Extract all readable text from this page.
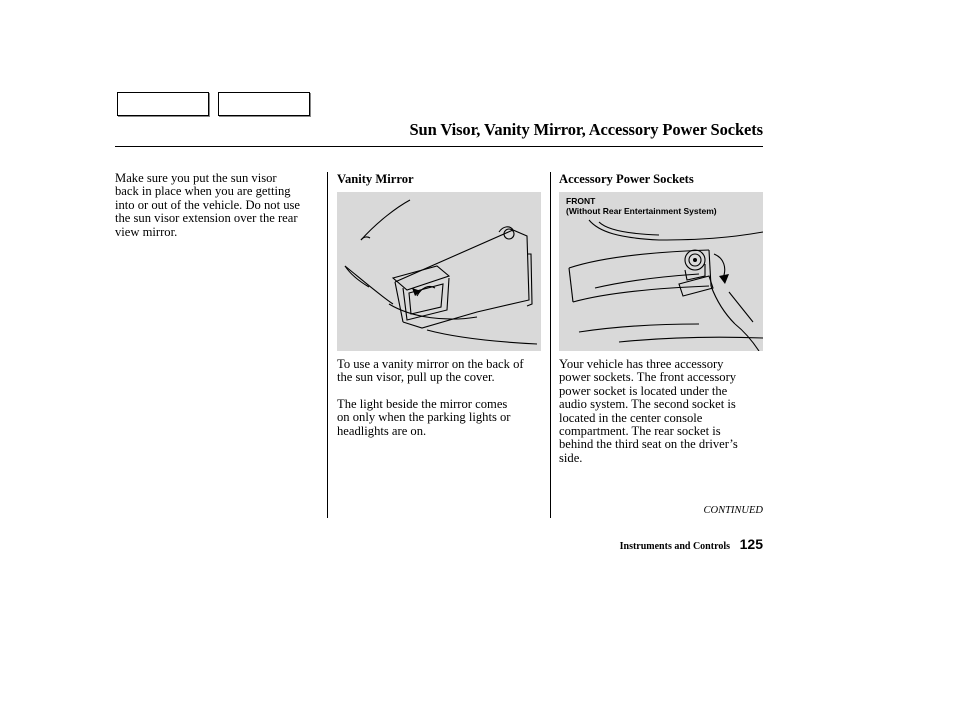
Sun Visor, Vanity Mirror, Accessory Power Sockets
Make sure you put the sun visor
back in place when you are getting
into or out of the vehicle. Do not use
the sun visor extension over the rear
view mirror.
Vanity Mirror
To use a vanity mirror on the back of
the sun visor, pull up the cover.
The light beside the mirror comes
on only when the parking lights or
headlights are on.
Accessory Power Sockets
FRONT
(Without Rear Entertainment System)
Your vehicle has three accessory
power sockets. The front accessory
power socket is located under the
audio system. The second socket is
located in the center console
compartment. The rear socket is
behind the third seat on the driver’s
side.
CONTINUED
Instruments and Controls 125
